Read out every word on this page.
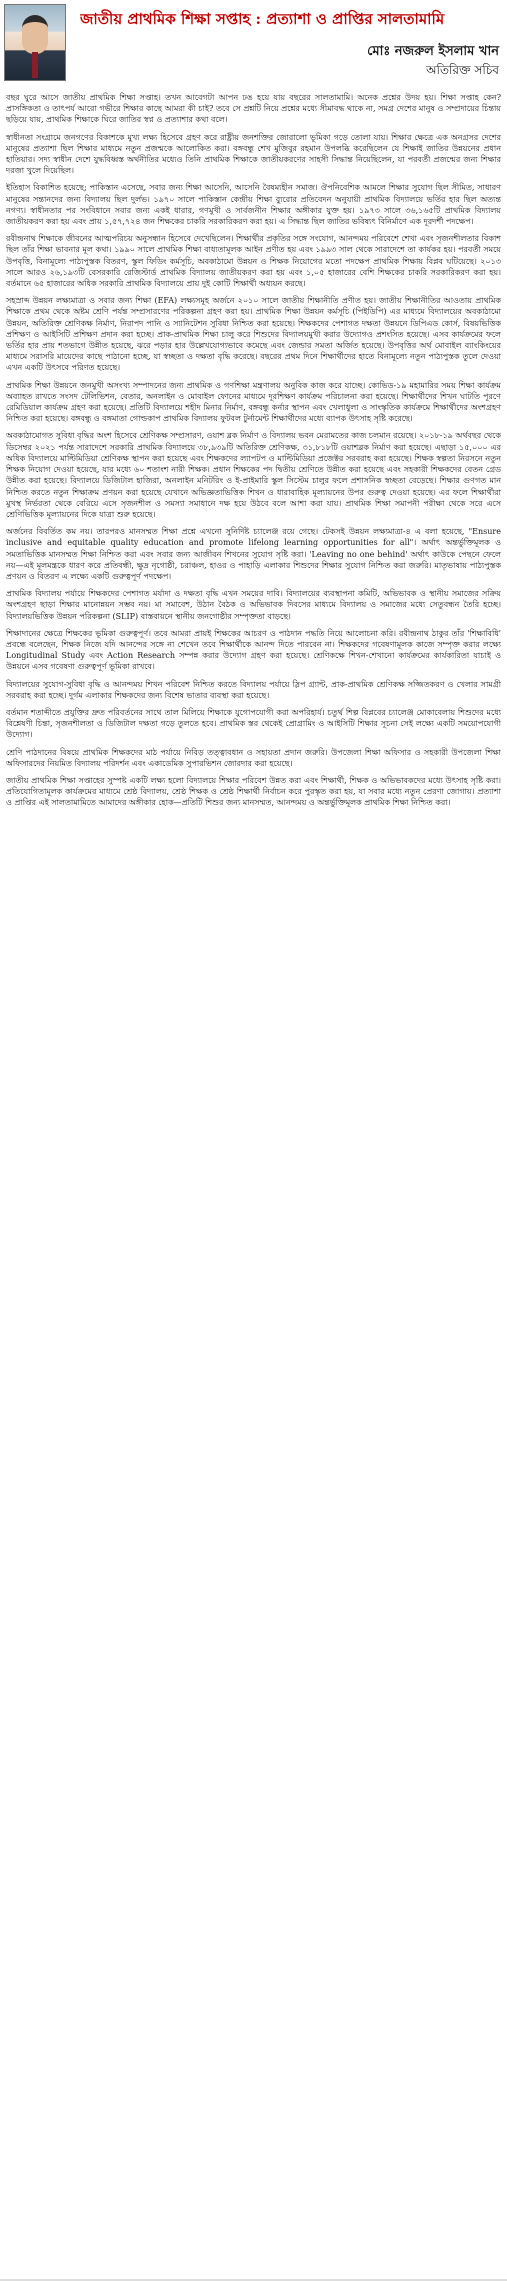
জাতীয় প্রাথমিক শিক্ষা সপ্তাহ : প্রত্যাশা ও প্রাপ্তির সালতামামি
মোঃ নজরুল ইসলাম খান
অতিরিক্ত সচিব

বছর ঘুরে আসে জাতীয় প্রাথমিক শিক্ষা সপ্তাহ। তখন আবেগটা আপন ঢঙ হয়ে যায় বছরের সালতামামি। অনেক প্রশ্নের উদয় হয়। শিক্ষা সপ্তাহ কেন? প্রাসঙ্গিকতা ও তাৎপর্য আরো গভীরে শিক্ষার কাছে আমরা কী চাই? তবে সে প্রশ্নটি নিয়ে প্রশ্নের মধ্যে সীমাবদ্ধ থাকে না, সমগ্র দেশের মানুষ ও সম্প্রদায়ের চিন্তায় ছড়িয়ে যায়, প্রাথমিক শিক্ষাকে ঘিরে জাতির স্বপ্ন ও প্রত্যাশার কথা বলে।

স্বাধীনতা সংগ্রামে জনগণের বিকাশকে মুখ্য লক্ষ্য হিসেবে গ্রহণ করে রাষ্ট্রীয় জনশক্তির জোরালো ভূমিকা গড়ে তোলা যায়। শিক্ষার ক্ষেত্রে এক অনগ্রসর দেশের মানুষের প্রত্যাশা ছিল শিক্ষার মাধ্যমে নতুন প্রজন্মকে আলোকিত করা। বঙ্গবন্ধু শেখ মুজিবুর রহমান উপলব্ধি করেছিলেন যে শিক্ষাই জাতির উন্নয়নের প্রধান হাতিয়ার। সদ্য স্বাধীন দেশে যুদ্ধবিধ্বস্ত অর্থনীতির মধ্যেও তিনি প্রাথমিক শিক্ষাকে জাতীয়করণের সাহসী সিদ্ধান্ত নিয়েছিলেন, যা পরবর্তী প্রজন্মের জন্য শিক্ষার দরজা খুলে দিয়েছিল।

ইতিহাস বিকাশিত হয়েছে; পাকিস্তান এসেছে, সবার জন্য শিক্ষা আসেনি, আসেনি বৈষম্যহীন সমাজ। ঔপনিবেশিক আমলে শিক্ষার সুযোগ ছিল সীমিত, সাধারণ মানুষের সন্তানদের জন্য বিদ্যালয় ছিল দুর্লভ। ১৯৭০ সালে পাকিস্তান কেন্দ্রীয় শিক্ষা ব্যুরোর প্রতিবেদন অনুযায়ী প্রাথমিক বিদ্যালয়ে ভর্তির হার ছিল অত্যন্ত নগণ্য। স্বাধীনতার পর সংবিধানে সবার জন্য একই ধারার, গণমুখী ও সার্বজনীন শিক্ষার অঙ্গীকার যুক্ত হয়। ১৯৭৩ সালে ৩৬,১৬৫টি প্রাথমিক বিদ্যালয় জাতীয়করণ করা হয় এবং প্রায় ১,৫৭,৭২৪ জন শিক্ষকের চাকরি সরকারিকরণ করা হয়। এ সিদ্ধান্ত ছিল জাতির ভবিষ্যৎ বিনির্মাণে এক দূরদর্শী পদক্ষেপ।

রবীন্দ্রনাথ শিক্ষাকে জীবনের আত্মপরিচয় অনুসন্ধান হিসেবে দেখেছিলেন। শিক্ষার্থীর প্রকৃতির সঙ্গে সংযোগ, আনন্দময় পরিবেশে শেখা এবং সৃজনশীলতার বিকাশ ছিল তাঁর শিক্ষা ভাবনার মূল কথা। ১৯৯০ সালে প্রাথমিক শিক্ষা বাধ্যতামূলক আইন প্রণীত হয় এবং ১৯৯৩ সাল থেকে সারাদেশে তা কার্যকর হয়। পরবর্তী সময়ে উপবৃত্তি, বিনামূল্যে পাঠ্যপুস্তক বিতরণ, স্কুল ফিডিং কর্মসূচি, অবকাঠামো উন্নয়ন ও শিক্ষক নিয়োগের মতো পদক্ষেপ প্রাথমিক শিক্ষায় বিপ্লব ঘটিয়েছে। ২০১৩ সালে আরও ২৬,১৯৩টি বেসরকারি রেজিস্টার্ড প্রাথমিক বিদ্যালয় জাতীয়করণ করা হয় এবং ১,০৫ হাজারের বেশি শিক্ষকের চাকরি সরকারিকরণ করা হয়। বর্তমানে ৬৫ হাজারের অধিক সরকারি প্রাথমিক বিদ্যালয়ে প্রায় দুই কোটি শিক্ষার্থী অধ্যয়ন করছে।

সহস্রাব্দ উন্নয়ন লক্ষ্যমাত্রা ও সবার জন্য শিক্ষা (EFA) লক্ষ্যসমূহ অর্জনে ২০১০ সালে জাতীয় শিক্ষানীতি প্রণীত হয়। জাতীয় শিক্ষানীতির আওতায় প্রাথমিক শিক্ষাকে প্রথম থেকে অষ্টম শ্রেণি পর্যন্ত সম্প্রসারণের পরিকল্পনা গ্রহণ করা হয়। প্রাথমিক শিক্ষা উন্নয়ন কর্মসূচি (পিইডিপি) এর মাধ্যমে বিদ্যালয়ের অবকাঠামো উন্নয়ন, অতিরিক্ত শ্রেণিকক্ষ নির্মাণ, নিরাপদ পানি ও স্যানিটেশন সুবিধা নিশ্চিত করা হয়েছে। শিক্ষকদের পেশাগত দক্ষতা উন্নয়নে ডিপিএড কোর্স, বিষয়ভিত্তিক প্রশিক্ষণ ও আইসিটি প্রশিক্ষণ প্রদান করা হচ্ছে। প্রাক-প্রাথমিক শিক্ষা চালু করে শিশুদের বিদ্যালয়মুখী করার উদ্যোগও প্রশংসিত হয়েছে। এসব কার্যক্রমের ফলে ভর্তির হার প্রায় শতভাগে উন্নীত হয়েছে, ঝরে পড়ার হার উল্লেখযোগ্যভাবে কমেছে এবং জেন্ডার সমতা অর্জিত হয়েছে। উপবৃত্তির অর্থ মোবাইল ব্যাংকিংয়ের মাধ্যমে সরাসরি মায়েদের কাছে পাঠানো হচ্ছে, যা স্বচ্ছতা ও দক্ষতা বৃদ্ধি করেছে। বছরের প্রথম দিনে শিক্ষার্থীদের হাতে বিনামূল্যে নতুন পাঠ্যপুস্তক তুলে দেওয়া এখন একটি উৎসবে পরিণত হয়েছে।

প্রাথমিক শিক্ষা উন্নয়নে জনমুখী অসংখ্য সম্পাদনের জন্য প্রাথমিক ও গণশিক্ষা মন্ত্রণালয় অনুবিক কাজ করে যাচ্ছে। কোভিড-১৯ মহামারির সময় শিক্ষা কার্যক্রম অব্যাহত রাখতে সংসদ টেলিভিশন, বেতার, অনলাইন ও মোবাইল ফোনের মাধ্যমে দূরশিক্ষণ কার্যক্রম পরিচালনা করা হয়েছে। শিক্ষার্থীদের শিখন ঘাটতি পূরণে রেমিডিয়াল কার্যক্রম গ্রহণ করা হয়েছে। প্রতিটি বিদ্যালয়ে শহীদ মিনার নির্মাণ, বঙ্গবন্ধু কর্নার স্থাপন এবং খেলাধুলা ও সাংস্কৃতিক কার্যক্রমে শিক্ষার্থীদের অংশগ্রহণ নিশ্চিত করা হয়েছে। বঙ্গবন্ধু ও বঙ্গমাতা গোল্ডকাপ প্রাথমিক বিদ্যালয় ফুটবল টুর্নামেন্ট শিক্ষার্থীদের মধ্যে ব্যাপক উৎসাহ সৃষ্টি করেছে।

অবকাঠামোগত সুবিধা বৃদ্ধির অংশ হিসেবে শ্রেণিকক্ষ সম্প্রসারণ, ওয়াশ ব্লক নির্মাণ ও বিদ্যালয় ভবন মেরামতের কাজ চলমান রয়েছে। ২০১৮-১৯ অর্থবছর থেকে ডিসেম্বর ২০২১ পর্যন্ত সারাদেশে সরকারি প্রাথমিক বিদ্যালয়ে ৩৮,৯৩৯টি অতিরিক্ত শ্রেণিকক্ষ, ৩১,৮১৮টি ওয়াশব্লক নির্মাণ করা হয়েছে। এছাড়া ১৫,০০০ এর অধিক বিদ্যালয়ে মাল্টিমিডিয়া শ্রেণিকক্ষ স্থাপন করা হয়েছে এবং শিক্ষকদের ল্যাপটপ ও মাল্টিমিডিয়া প্রজেক্টর সরবরাহ করা হয়েছে। শিক্ষক স্বল্পতা নিরসনে নতুন শিক্ষক নিয়োগ দেওয়া হয়েছে, যার মধ্যে ৬০ শতাংশ নারী শিক্ষক। প্রধান শিক্ষকের পদ দ্বিতীয় শ্রেণিতে উন্নীত করা হয়েছে এবং সহকারী শিক্ষকদের বেতন গ্রেড উন্নীত করা হয়েছে। বিদ্যালয়ে ডিজিটাল হাজিরা, অনলাইন মনিটরিং ও ই-প্রাইমারি স্কুল সিস্টেম চালুর ফলে প্রশাসনিক স্বচ্ছতা বেড়েছে। শিক্ষার গুণগত মান নিশ্চিত করতে নতুন শিক্ষাক্রম প্রণয়ন করা হয়েছে যেখানে অভিজ্ঞতাভিত্তিক শিখন ও ধারাবাহিক মূল্যায়নের উপর গুরুত্ব দেওয়া হয়েছে। এর ফলে শিক্ষার্থীরা মুখস্থ নির্ভরতা থেকে বেরিয়ে এসে সৃজনশীল ও সমস্যা সমাধানে দক্ষ হয়ে উঠবে বলে আশা করা যায়। প্রাথমিক শিক্ষা সমাপনী পরীক্ষা থেকে সরে এসে শ্রেণিভিত্তিক মূল্যায়নের দিকে যাত্রা শুরু হয়েছে।

অর্জনের বিবর্তিত কম নয়। তারপরও মানসম্মত শিক্ষা প্রশ্নে এখনো সুনির্দিষ্ট চ্যালেঞ্জ রয়ে গেছে। টেকসই উন্নয়ন লক্ষ্যমাত্রা-৪ এ বলা হয়েছে, "Ensure inclusive and equitable quality education and promote lifelong learning opportunities for all"। অর্থাৎ অন্তর্ভুক্তিমূলক ও সমতাভিত্তিক মানসম্মত শিক্ষা নিশ্চিত করা এবং সবার জন্য আজীবন শিখনের সুযোগ সৃষ্টি করা। 'Leaving no one behind' অর্থাৎ কাউকে পেছনে ফেলে নয়—এই মূলমন্ত্রকে ধারণ করে প্রতিবন্ধী, ক্ষুদ্র নৃগোষ্ঠী, চরাঞ্চল, হাওর ও পাহাড়ি এলাকার শিশুদের শিক্ষার সুযোগ নিশ্চিত করা জরুরি। মাতৃভাষায় পাঠ্যপুস্তক প্রণয়ন ও বিতরণ এ লক্ষ্যে একটি গুরুত্বপূর্ণ পদক্ষেপ।

প্রাথমিক বিদ্যালয় পর্যায়ে শিক্ষকদের পেশাগত মর্যাদা ও দক্ষতা বৃদ্ধি এখন সময়ের দাবি। বিদ্যালয়ের ব্যবস্থাপনা কমিটি, অভিভাবক ও স্থানীয় সমাজের সক্রিয় অংশগ্রহণ ছাড়া শিক্ষার মানোন্নয়ন সম্ভব নয়। মা সমাবেশ, উঠান বৈঠক ও অভিভাবক দিবসের মাধ্যমে বিদ্যালয় ও সমাজের মধ্যে সেতুবন্ধন তৈরি হচ্ছে। বিদ্যালয়ভিত্তিক উন্নয়ন পরিকল্পনা (SLIP) বাস্তবায়নে স্থানীয় জনগোষ্ঠীর সম্পৃক্ততা বাড়ছে।

শিক্ষাদানের ক্ষেত্রে শিক্ষকের ভূমিকা গুরুত্বপূর্ণ। তবে আমরা প্রায়ই শিক্ষকের আচরণ ও পাঠদান পদ্ধতি নিয়ে আলোচনা করি। রবীন্দ্রনাথ ঠাকুর তাঁর 'শিক্ষাবিধি' প্রবন্ধে বলেছেন, শিক্ষক নিজে যদি আনন্দের সঙ্গে না শেখেন তবে শিক্ষার্থীকে আনন্দ দিতে পারবেন না। শিক্ষকদের গবেষণামূলক কাজে সম্পৃক্ত করার লক্ষ্যে Longitudinal Study এবং Action Research সম্পন্ন করার উদ্যোগ গ্রহণ করা হয়েছে। শ্রেণিকক্ষে শিখন-শেখানো কার্যক্রমের কার্যকারিতা যাচাই ও উন্নয়নে এসব গবেষণা গুরুত্বপূর্ণ ভূমিকা রাখবে।

বিদ্যালয়ের সুযোগ-সুবিধা বৃদ্ধি ও আনন্দময় শিখন পরিবেশ নিশ্চিত করতে বিদ্যালয় পর্যায়ে স্লিপ গ্র্যান্ট, প্রাক-প্রাথমিক শ্রেণিকক্ষ সজ্জিতকরণ ও খেলার সামগ্রী সরবরাহ করা হচ্ছে। দুর্গম এলাকার শিক্ষকদের জন্য বিশেষ ভাতার ব্যবস্থা করা হয়েছে।

বর্তমান শতাব্দীতে প্রযুক্তির দ্রুত পরিবর্তনের সাথে তাল মিলিয়ে শিক্ষাকে যুগোপযোগী করা অপরিহার্য। চতুর্থ শিল্প বিপ্লবের চ্যালেঞ্জ মোকাবেলায় শিশুদের মধ্যে বিশ্লেষণী চিন্তা, সৃজনশীলতা ও ডিজিটাল দক্ষতা গড়ে তুলতে হবে। প্রাথমিক স্তর থেকেই প্রোগ্রামিং ও আইসিটি শিক্ষার সূচনা সেই লক্ষ্যে একটি সময়োপযোগী উদ্যোগ।

শ্রেণি পাঠদানের বিষয়ে প্রাথমিক শিক্ষকদের মাঠ পর্যায়ে নিবিড় তত্ত্বাবধান ও সহায়তা প্রদান জরুরি। উপজেলা শিক্ষা অফিসার ও সহকারী উপজেলা শিক্ষা অফিসারদের নিয়মিত বিদ্যালয় পরিদর্শন এবং একাডেমিক সুপারভিশন জোরদার করা হয়েছে।

জাতীয় প্রাথমিক শিক্ষা সপ্তাহের সুস্পষ্ট একটি লক্ষ্য হলো বিদ্যালয়ে শিক্ষার পরিবেশ উন্নত করা এবং শিক্ষার্থী, শিক্ষক ও অভিভাবকদের মধ্যে উৎসাহ সৃষ্টি করা। প্রতিযোগিতামূলক কার্যক্রমের মাধ্যমে শ্রেষ্ঠ বিদ্যালয়, শ্রেষ্ঠ শিক্ষক ও শ্রেষ্ঠ শিক্ষার্থী নির্বাচন করে পুরস্কৃত করা হয়, যা সবার মধ্যে নতুন প্রেরণা জোগায়। প্রত্যাশা ও প্রাপ্তির এই সালতামামিতে আমাদের অঙ্গীকার হোক—প্রতিটি শিশুর জন্য মানসম্মত, আনন্দময় ও অন্তর্ভুক্তিমূলক প্রাথমিক শিক্ষা নিশ্চিত করা।
